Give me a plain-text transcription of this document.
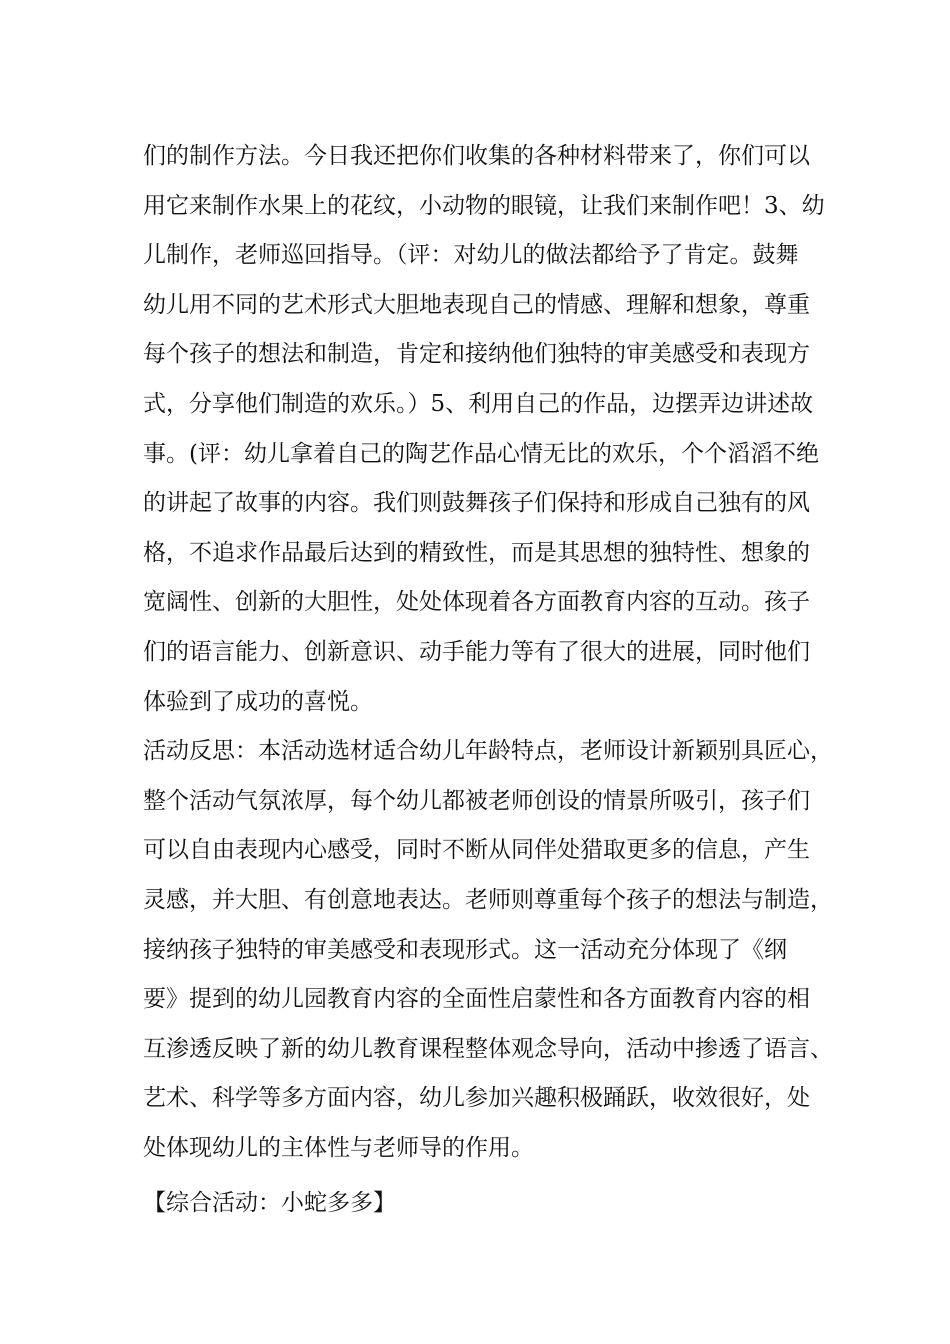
们的制作方法。今日我还把你们收集的各种材料带来了，你们可以
用它来制作水果上的花纹，小动物的眼镜，让我们来制作吧！3、幼
儿制作，老师巡回指导。（评：对幼儿的做法都给予了肯定。鼓舞
幼儿用不同的艺术形式大胆地表现自己的情感、理解和想象，尊重
每个孩子的想法和制造，肯定和接纳他们独特的审美感受和表现方
式，分享他们制造的欢乐。）5、利用自己的作品，边摆弄边讲述故
事。(评：幼儿拿着自己的陶艺作品心情无比的欢乐，个个滔滔不绝
的讲起了故事的内容。我们则鼓舞孩子们保持和形成自己独有的风
格，不追求作品最后达到的精致性，而是其思想的独特性、想象的
宽阔性、创新的大胆性，处处体现着各方面教育内容的互动。孩子
们的语言能力、创新意识、动手能力等有了很大的进展，同时他们
体验到了成功的喜悦。
活动反思：本活动选材适合幼儿年龄特点，老师设计新颖别具匠心，
整个活动气氛浓厚，每个幼儿都被老师创设的情景所吸引，孩子们
可以自由表现内心感受，同时不断从同伴处猎取更多的信息，产生
灵感，并大胆、有创意地表达。老师则尊重每个孩子的想法与制造，
接纳孩子独特的审美感受和表现形式。这一活动充分体现了《纲
要》提到的幼儿园教育内容的全面性启蒙性和各方面教育内容的相
互渗透反映了新的幼儿教育课程整体观念导向，活动中掺透了语言、
艺术、科学等多方面内容，幼儿参加兴趣积极踊跃，收效很好，处
处体现幼儿的主体性与老师导的作用。
【综合活动：小蛇多多】
